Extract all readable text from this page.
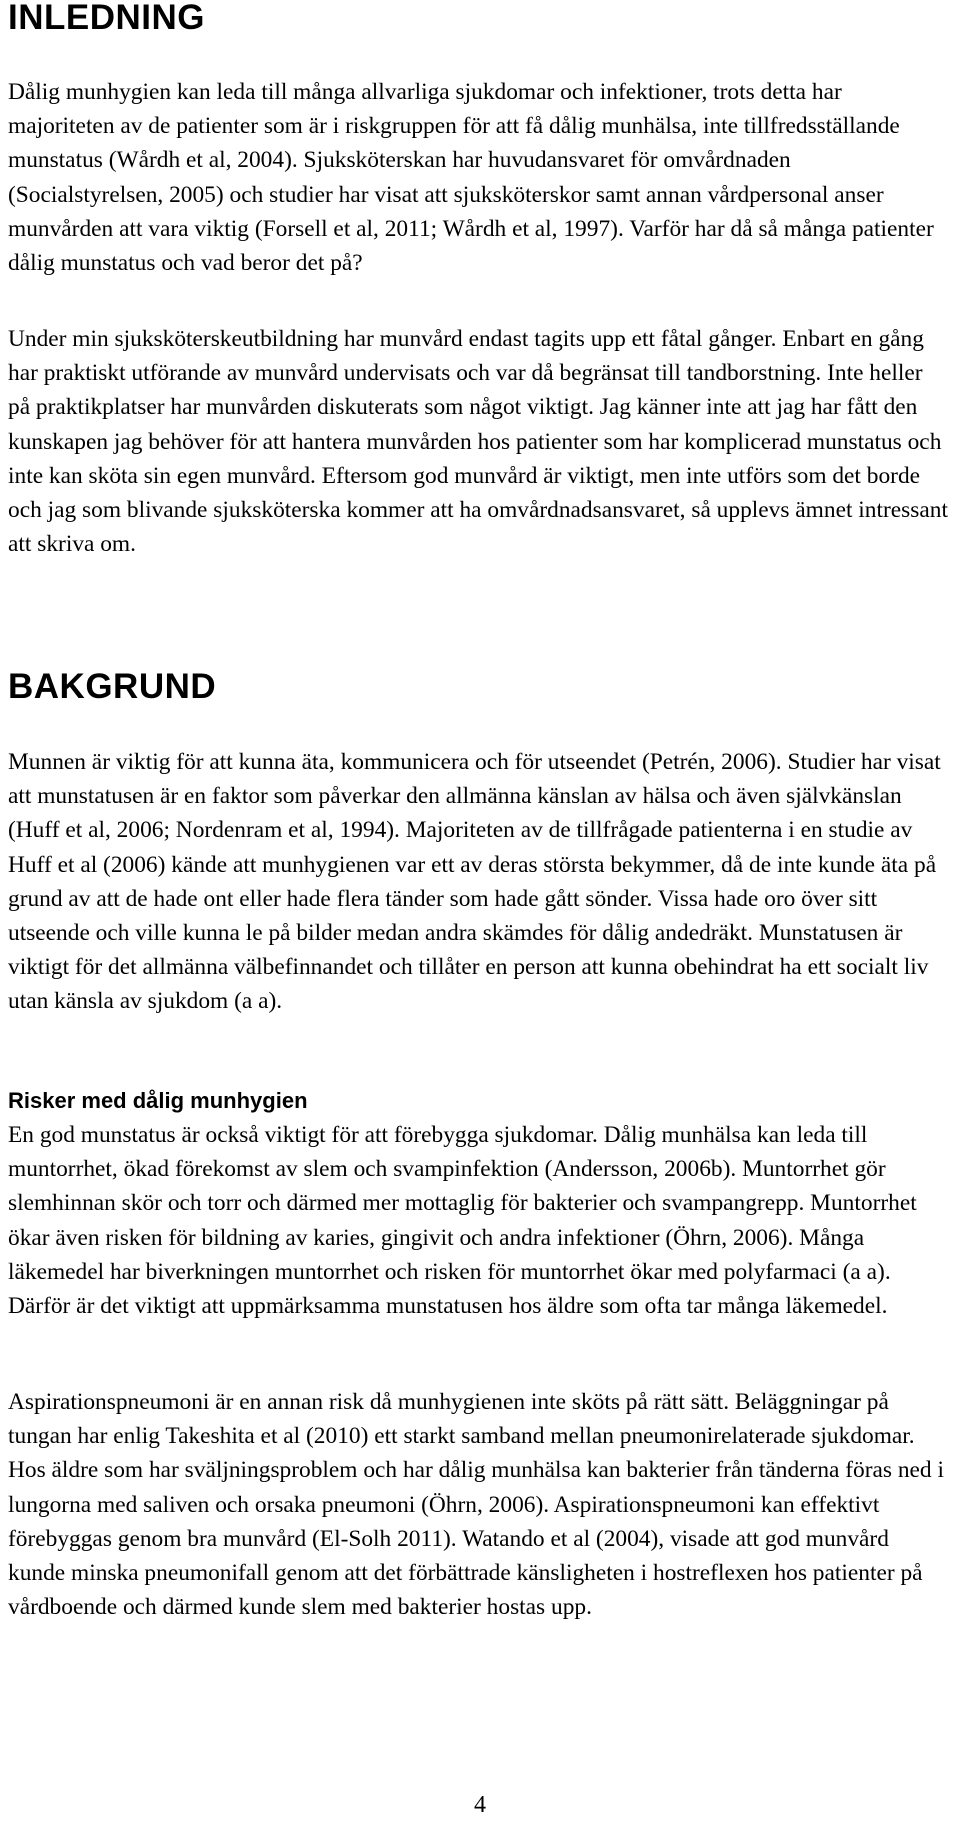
INLEDNING

Dålig munhygien kan leda till många allvarliga sjukdomar och infektioner, trots detta har majoriteten av de patienter som är i riskgruppen för att få dålig munhälsa, inte tillfredsställande munstatus (Wårdh et al, 2004). Sjuksköterskan har huvudansvaret för omvårdnaden (Socialstyrelsen, 2005) och studier har visat att sjuksköterskor samt annan vårdpersonal anser munvården att vara viktig (Forsell et al, 2011; Wårdh et al, 1997). Varför har då så många patienter dålig munstatus och vad beror det på?

Under min sjuksköterskeutbildning har munvård endast tagits upp ett fåtal gånger. Enbart en gång har praktiskt utförande av munvård undervisats och var då begränsat till tandborstning. Inte heller på praktikplatser har munvården diskuterats som något viktigt. Jag känner inte att jag har fått den kunskapen jag behöver för att hantera munvården hos patienter som har komplicerad munstatus och inte kan sköta sin egen munvård. Eftersom god munvård är viktigt, men inte utförs som det borde och jag som blivande sjuksköterska kommer att ha omvårdnadsansvaret, så upplevs ämnet intressant att skriva om.

BAKGRUND

Munnen är viktig för att kunna äta, kommunicera och för utseendet (Petrén, 2006). Studier har visat att munstatusen är en faktor som påverkar den allmänna känslan av hälsa och även självkänslan (Huff et al, 2006; Nordenram et al, 1994). Majoriteten av de tillfrågade patienterna i en studie av Huff et al (2006) kände att munhygienen var ett av deras största bekymmer, då de inte kunde äta på grund av att de hade ont eller hade flera tänder som hade gått sönder. Vissa hade oro över sitt utseende och ville kunna le på bilder medan andra skämdes för dålig andedräkt. Munstatusen är viktigt för det allmänna välbefinnandet och tillåter en person att kunna obehindrat ha ett socialt liv utan känsla av sjukdom (a a).

Risker med dålig munhygien

En god munstatus är också viktigt för att förebygga sjukdomar. Dålig munhälsa kan leda till muntorrhet, ökad förekomst av slem och svampinfektion (Andersson, 2006b). Muntorrhet gör slemhinnan skör och torr och därmed mer mottaglig för bakterier och svampangrepp. Muntorrhet ökar även risken för bildning av karies, gingivit och andra infektioner (Öhrn, 2006). Många läkemedel har biverkningen muntorrhet och risken för muntorrhet ökar med polyfarmaci (a a). Därför är det viktigt att uppmärksamma munstatusen hos äldre som ofta tar många läkemedel.

Aspirationspneumoni är en annan risk då munhygienen inte sköts på rätt sätt. Beläggningar på tungan har enlig Takeshita et al (2010) ett starkt samband mellan pneumonirelaterade sjukdomar. Hos äldre som har sväljningsproblem och har dålig munhälsa kan bakterier från tänderna föras ned i lungorna med saliven och orsaka pneumoni (Öhrn, 2006). Aspirationspneumoni kan effektivt förebyggas genom bra munvård (El-Solh 2011). Watando et al (2004), visade att god munvård kunde minska pneumonifall genom att det förbättrade känsligheten i hostreflexen hos patienter på vårdboende och därmed kunde slem med bakterier hostas upp.

4
